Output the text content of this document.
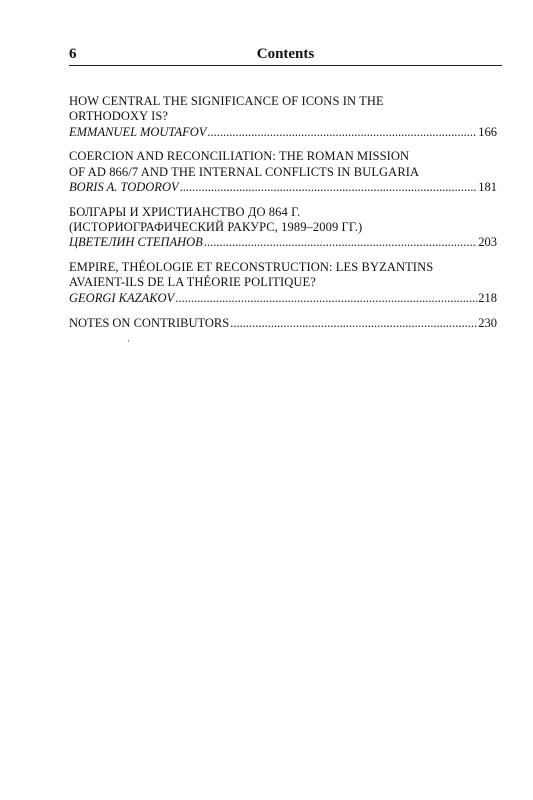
6	Contents
HOW CENTRAL THE SIGNIFICANCE OF ICONS IN THE
ORTHODOXY IS?
EMMANUEL MOUTAFOV .....	166
COERCION AND RECONCILIATION: THE ROMAN MISSION
OF AD 866/7 AND THE INTERNAL CONFLICTS IN BULGARIA
BORIS A. TODOROV .....	181
БОЛГАРЫ И ХРИСТИАНСТВО ДО 864 Г.
(ИСТОРИОГРАФИЧЕСКИЙ РАКУРС, 1989–2009 ГГ.)
ЦВЕТЕЛИН СТЕПАНОВ .....	203
EMPIRE, THÉOLOGIE ET RECONSTRUCTION: LES BYZANTINS
AVAIENT-ILS DE LA THÉORIE POLITIQUE?
GEORGI KAZAKOV .....	218
NOTES ON CONTRIBUTORS .....	230
